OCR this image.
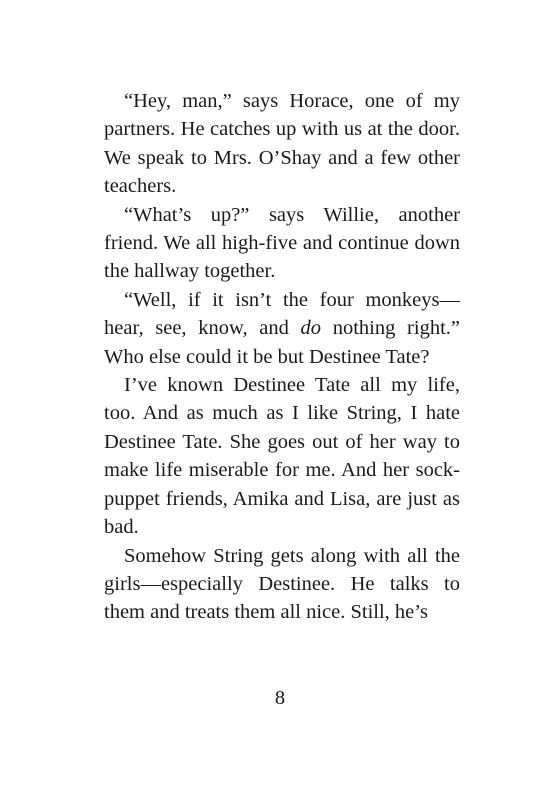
“Hey, man,” says Horace, one of my partners. He catches up with us at the door. We speak to Mrs. O’Shay and a few other teachers.

“What’s up?” says Willie, another friend. We all high-five and continue down the hallway together.

“Well, if it isn’t the four monkeys—hear, see, know, and do nothing right.” Who else could it be but Destinee Tate?

I’ve known Destinee Tate all my life, too. And as much as I like String, I hate Destinee Tate. She goes out of her way to make life miserable for me. And her sock-puppet friends, Amika and Lisa, are just as bad.

Somehow String gets along with all the girls—especially Destinee. He talks to them and treats them all nice. Still, he’s

8
